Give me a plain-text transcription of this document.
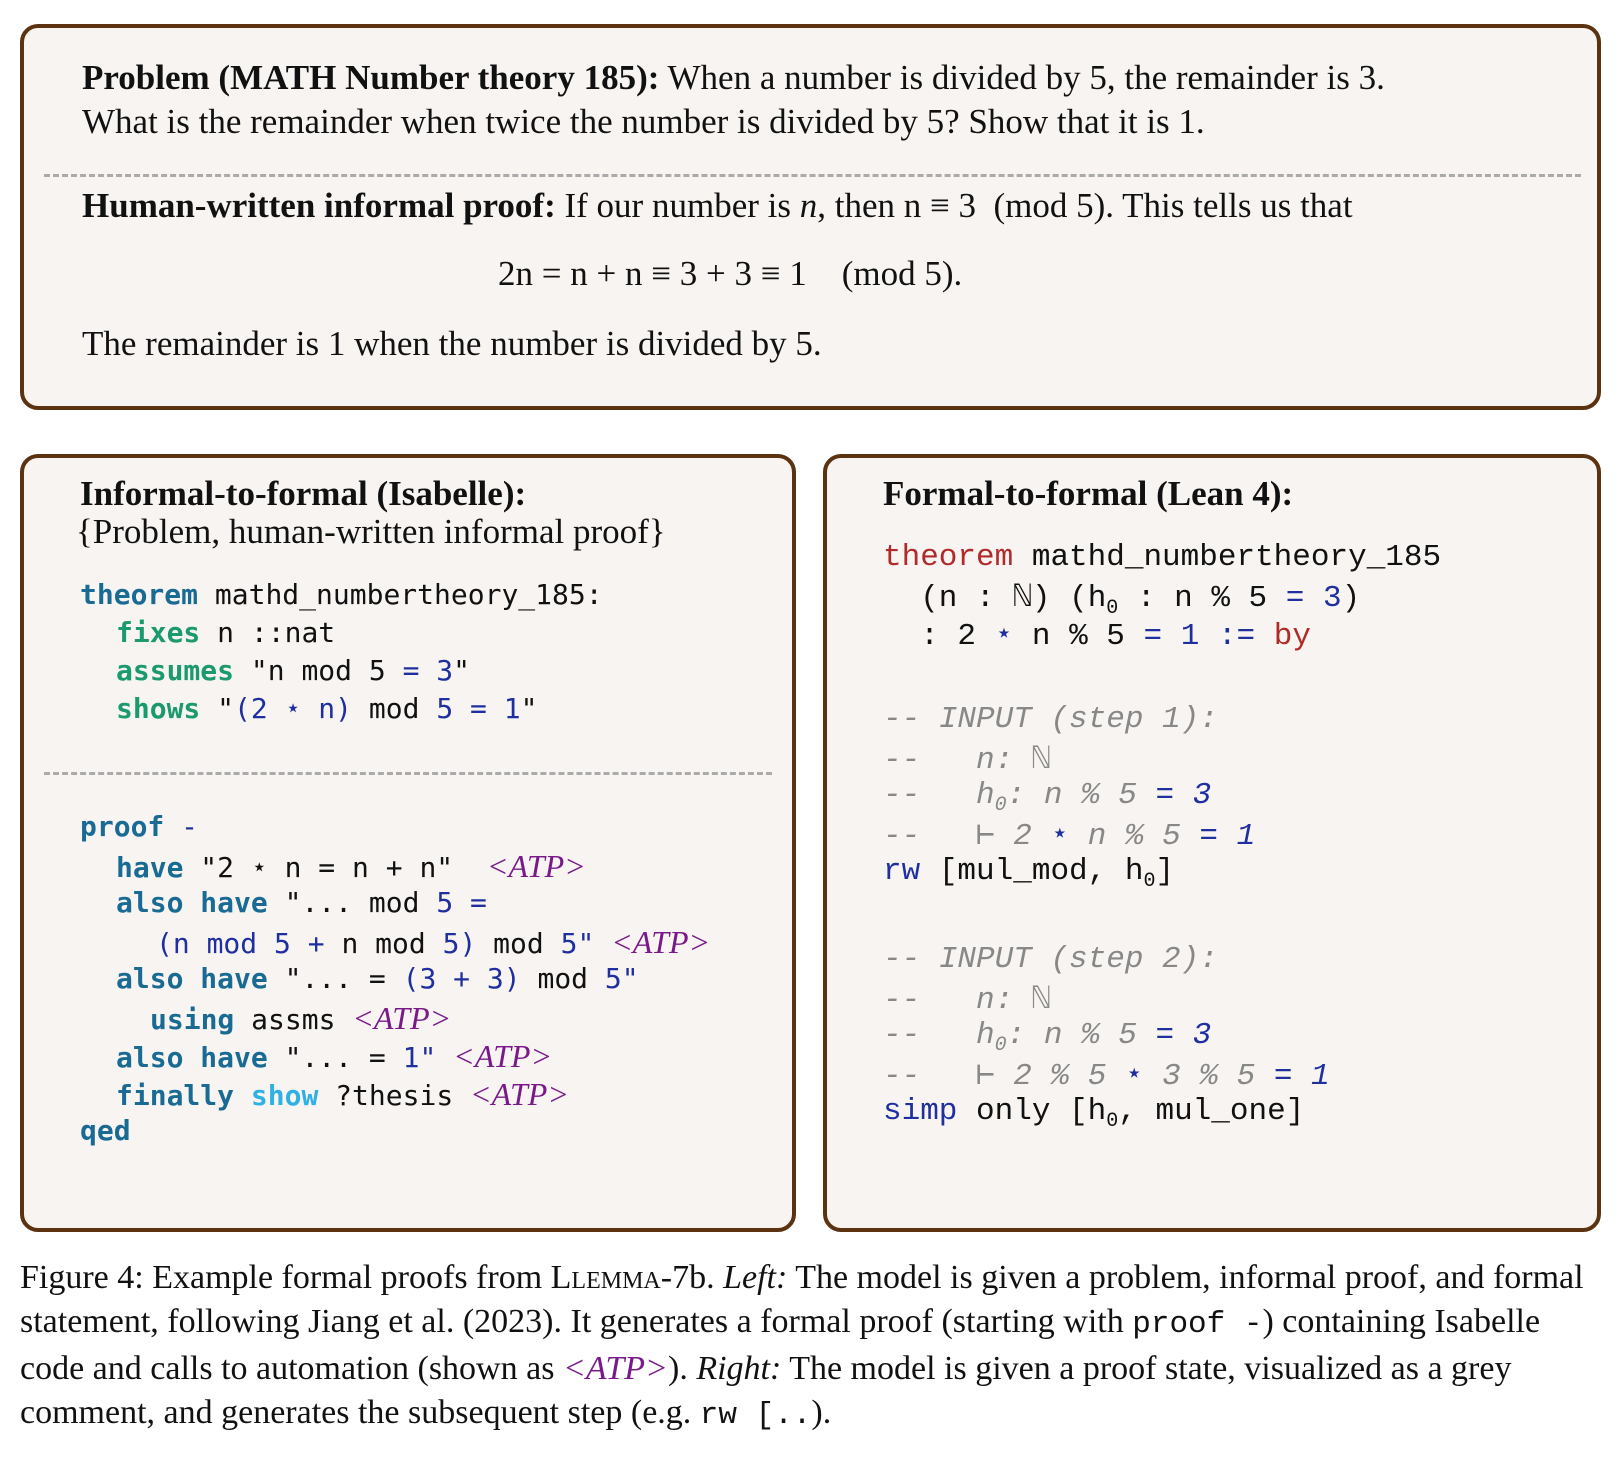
Problem (MATH Number theory 185): When a number is divided by 5, the remainder is 3.
What is the remainder when twice the number is divided by 5? Show that it is 1.
Human-written informal proof: If our number is n, then n ≡ 3  (mod 5). This tells us that
2n = n + n ≡ 3 + 3 ≡ 1    (mod 5).
The remainder is 1 when the number is divided by 5.
Informal-to-formal (Isabelle):
{Problem, human-written informal proof}
theorem mathd_numbertheory_185:
fixes n ::nat
assumes "n mod 5 = 3"
shows "(2 ⋆ n) mod 5 = 1"
proof -
have "2 ⋆ n = n + n"  <ATP>
also have "... mod 5 =
(n mod 5 + n mod 5) mod 5" <ATP>
also have "... = (3 + 3) mod 5"
using assms <ATP>
also have "... = 1" <ATP>
finally show ?thesis <ATP>
qed
Formal-to-formal (Lean 4):
theorem mathd_numbertheory_185
(n : ℕ) ($h_0$ : n % 5 = 3)
: 2 ⋆ n % 5 = 1 := by
-- INPUT (step 1):
--   n: ℕ
--   $h_0$: n % 5 = 3
--   ⊢ 2 ⋆ n % 5 = 1
rw [mul_mod, $h_0$]
-- INPUT (step 2):
--   n: ℕ
--   $h_0$: n % 5 = 3
--   ⊢ 2 % 5 ⋆ 3 % 5 = 1
simp only [$h_0$, mul_one]
Figure 4: Example formal proofs from Llemma-7b. Left: The model is given a problem, informal proof, and formal statement, following Jiang et al. (2023). It generates a formal proof (starting with proof -) containing Isabelle code and calls to automation (shown as <ATP>). Right: The model is given a proof state, visualized as a grey comment, and generates the subsequent step (e.g. rw [..).
